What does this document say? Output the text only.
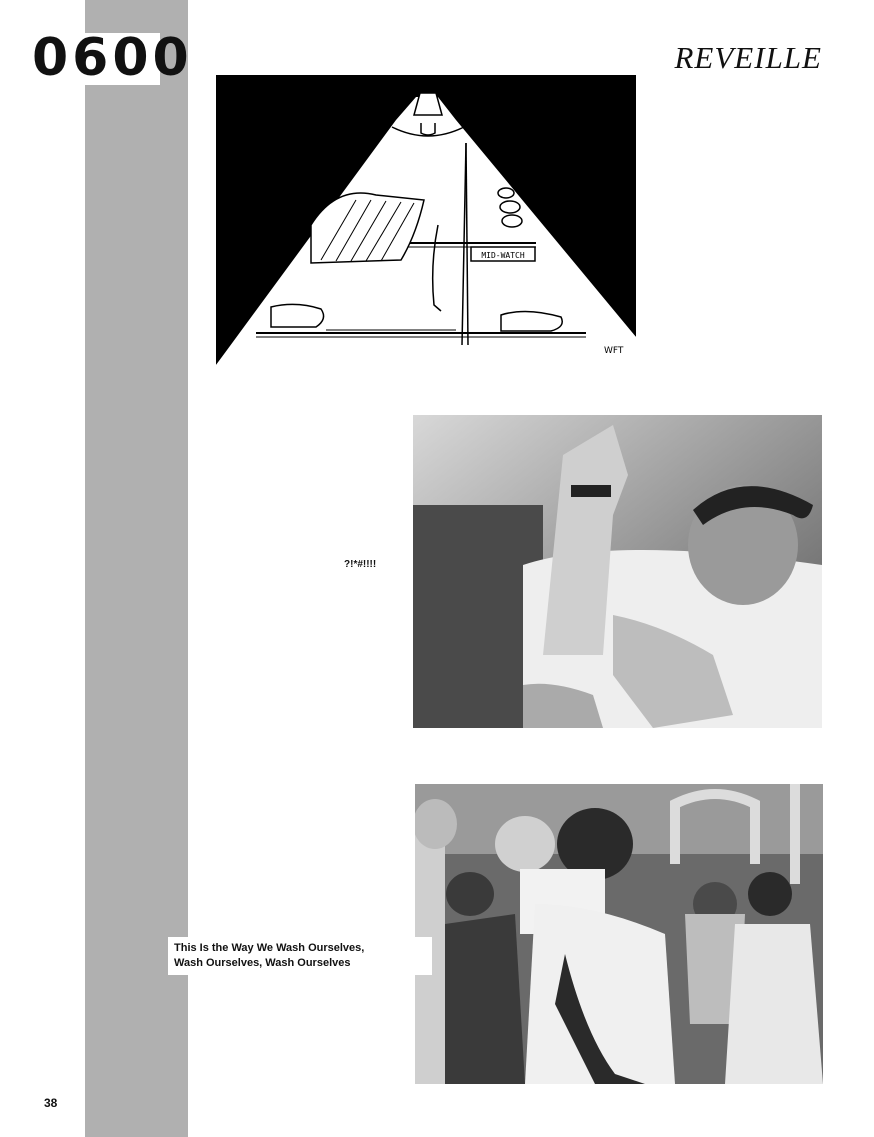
0600	REVEILLE
MID-WATCH
WFT
?!*#!!!!
This Is the Way We Wash Ourselves,
Wash Ourselves, Wash Ourselves
38
